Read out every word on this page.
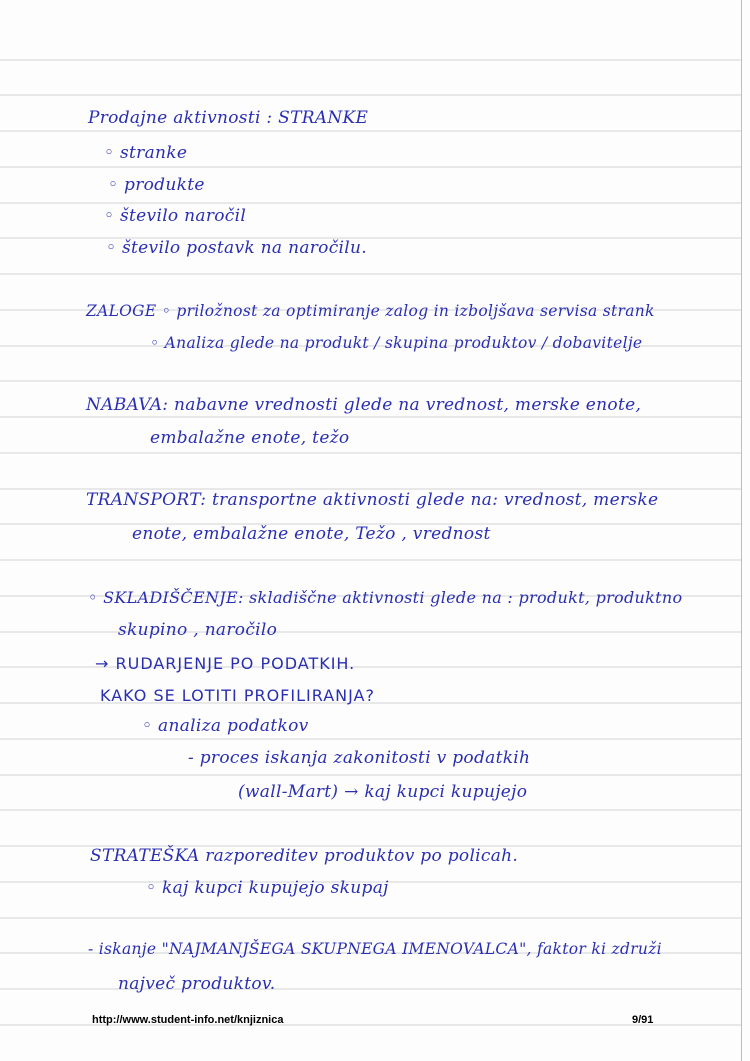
Prodajne aktivnosti : STRANKE
◦ stranke
◦ produkte
◦ število naročil
◦ število postavk na naročilu.
ZALOGE ◦ priložnost za optimiranje zalog in izboljšava servisa strank
◦ Analiza glede na produkt / skupina produktov / dobavitelje
NABAVA: nabavne vrednosti glede na vrednost, merske enote,
embalažne enote, težo
TRANSPORT: transportne aktivnosti glede na: vrednost, merske
enote, embalažne enote, Težo , vrednost
◦ SKLADIŠČENJE: skladiščne aktivnosti glede na : produkt, produktno
skupino , naročilo
→ RUDARJENJE PO PODATKIH.
KAKO SE LOTITI PROFILIRANJA?
◦ analiza podatkov
- proces iskanja zakonitosti v podatkih
(wall-Mart) → kaj kupci kupujejo
STRATEŠKA razporeditev produktov po policah.
◦ kaj kupci kupujejo skupaj
- iskanje "NAJMANJŠEGA SKUPNEGA IMENOVALCA", faktor ki združi
največ produktov.
http://www.student-info.net/knjiznica	9/91
